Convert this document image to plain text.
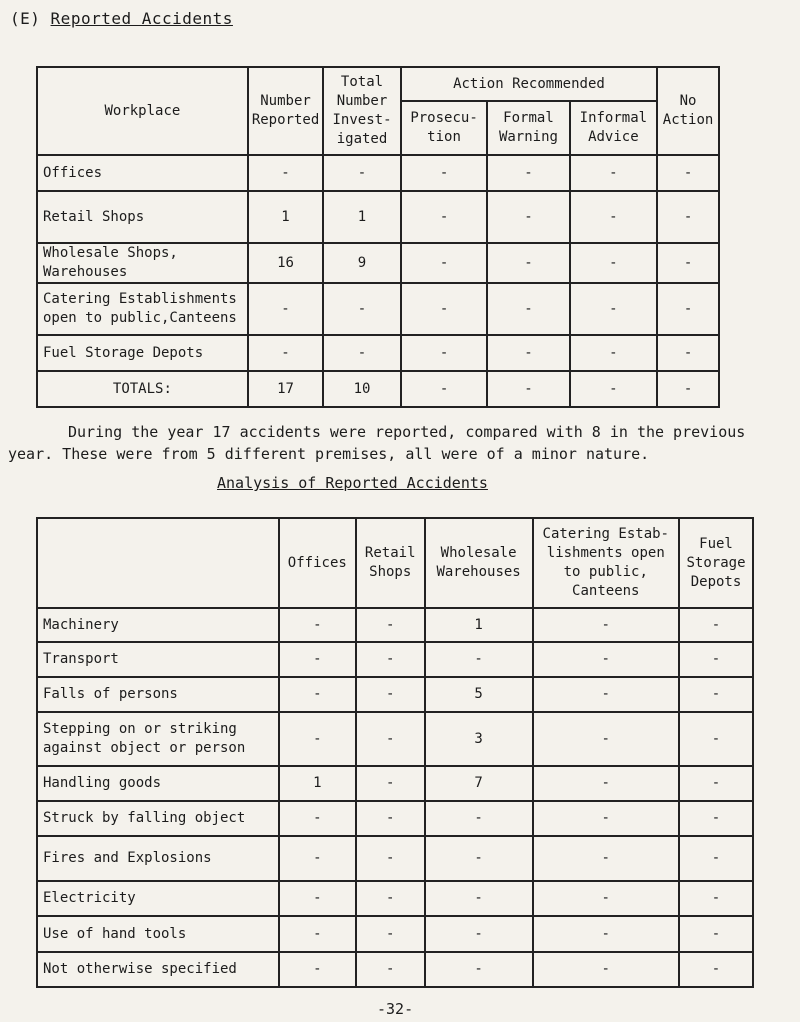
(E) Reported Accidents
Workplace	Number Reported	Total Number Invest-igated	Action Recommended			No Action
			Prosecu-tion	Formal Warning	Informal Advice	
Offices	-	-	-	-	-	-
Retail Shops	1	1	-	-	-	-
Wholesale Shops, Warehouses	16	9	-	-	-	-
Catering Establishments open to public,Canteens	-	-	-	-	-	-
Fuel Storage Depots	-	-	-	-	-	-
TOTALS:	17	10	-	-	-	-

During the year 17 accidents were reported, compared with 8 in the previous year. These were from 5 different premises, all were of a minor nature.

Analysis of Reported Accidents
	Offices	Retail Shops	Wholesale Warehouses	Catering Estab-lishments open to public, Canteens	Fuel Storage Depots
Machinery	-	-	1	-	-
Transport	-	-	-	-	-
Falls of persons	-	-	5	-	-
Stepping on or striking against object or person	-	-	3	-	-
Handling goods	1	-	7	-	-
Struck by falling object	-	-	-	-	-
Fires and Explosions	-	-	-	-	-
Electricity	-	-	-	-	-
Use of hand tools	-	-	-	-	-
Not otherwise specified	-	-	-	-	-
-32-
